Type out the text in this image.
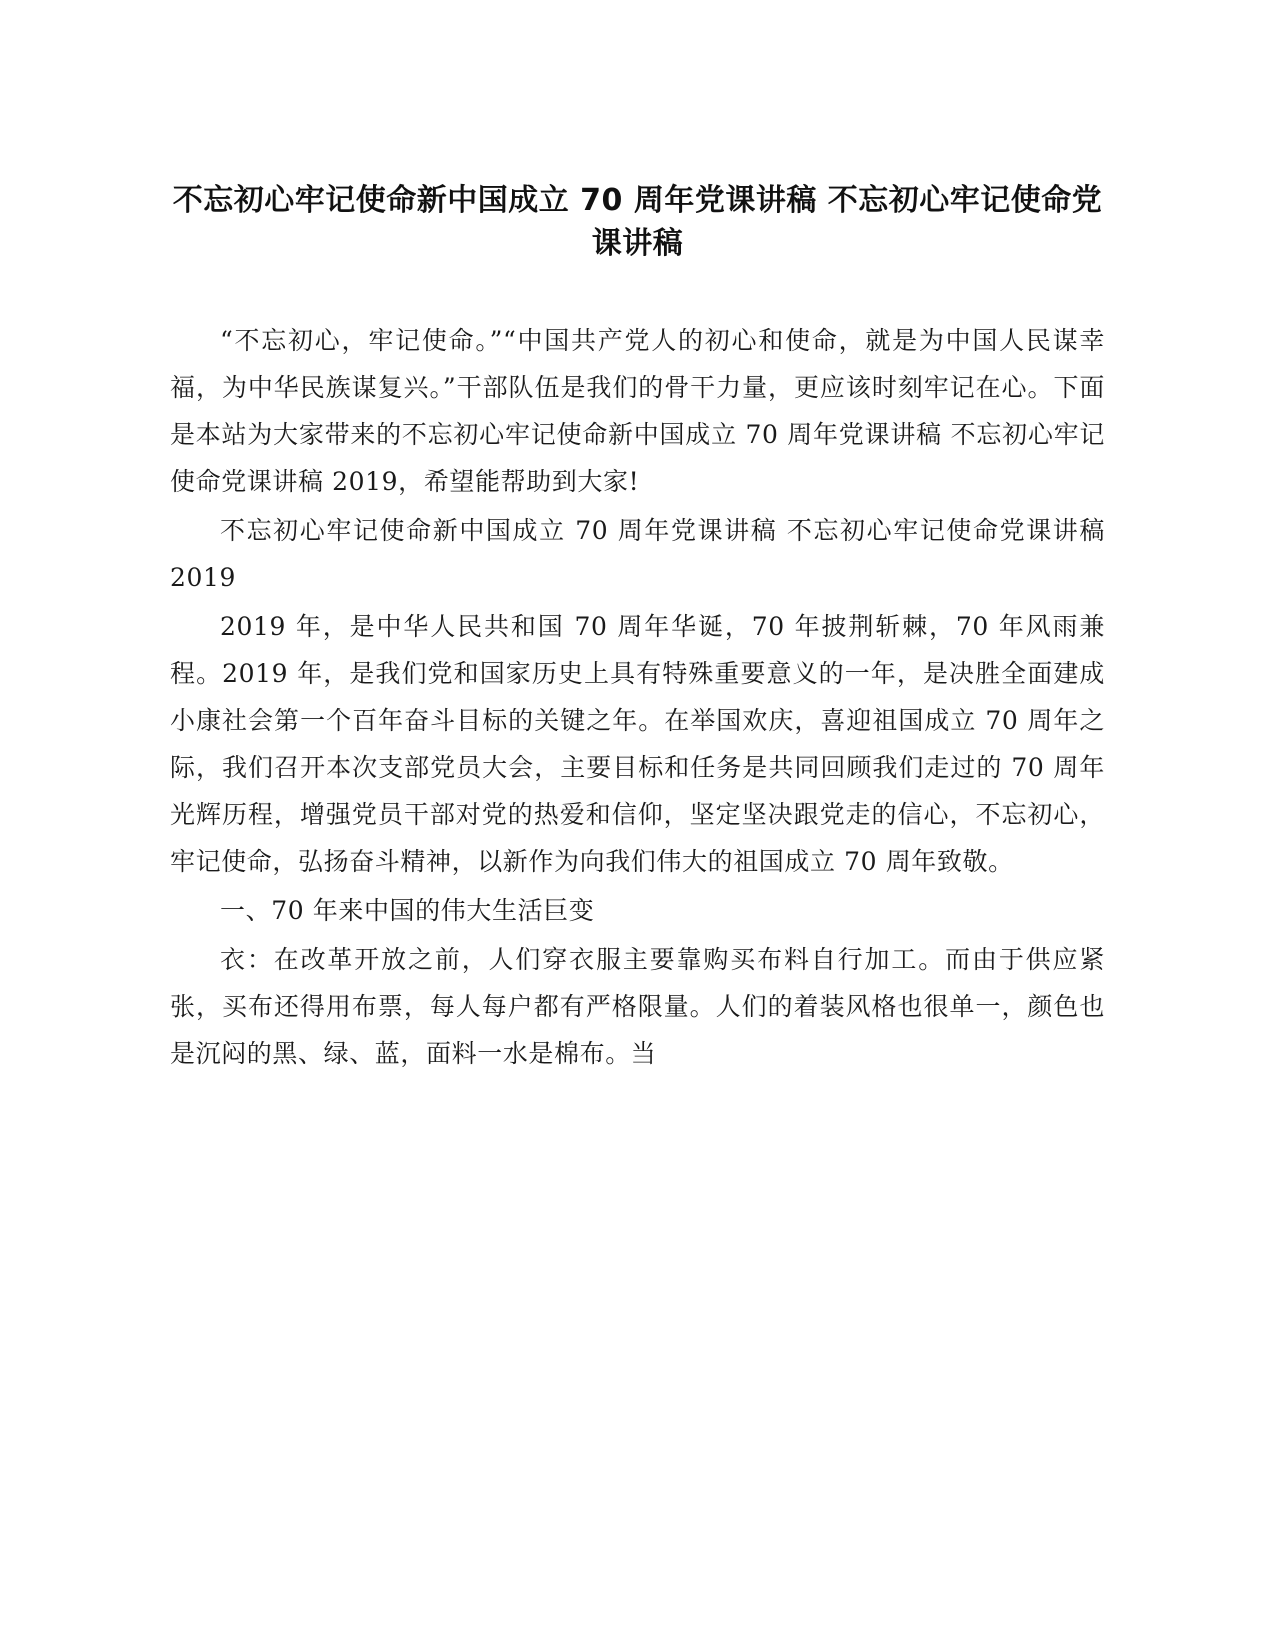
不忘初心牢记使命新中国成立 70 周年党课讲稿 不忘初心牢记使命党课讲稿

“不忘初心，牢记使命。”“中国共产党人的初心和使命，就是为中国人民谋幸福，为中华民族谋复兴。”干部队伍是我们的骨干力量，更应该时刻牢记在心。下面是本站为大家带来的不忘初心牢记使命新中国成立 70 周年党课讲稿 不忘初心牢记使命党课讲稿 2019，希望能帮助到大家!

不忘初心牢记使命新中国成立 70 周年党课讲稿 不忘初心牢记使命党课讲稿 2019

2019 年，是中华人民共和国 70 周年华诞，70 年披荆斩棘，70 年风雨兼程。2019 年，是我们党和国家历史上具有特殊重要意义的一年，是决胜全面建成小康社会第一个百年奋斗目标的关键之年。在举国欢庆，喜迎祖国成立 70 周年之际，我们召开本次支部党员大会，主要目标和任务是共同回顾我们走过的 70 周年光辉历程，增强党员干部对党的热爱和信仰，坚定坚决跟党走的信心，不忘初心，牢记使命，弘扬奋斗精神，以新作为向我们伟大的祖国成立 70 周年致敬。

一、70 年来中国的伟大生活巨变

衣：在改革开放之前，人们穿衣服主要靠购买布料自行加工。而由于供应紧张，买布还得用布票，每人每户都有严格限量。人们的着装风格也很单一，颜色也是沉闷的黑、绿、蓝，面料一水是棉布。当
